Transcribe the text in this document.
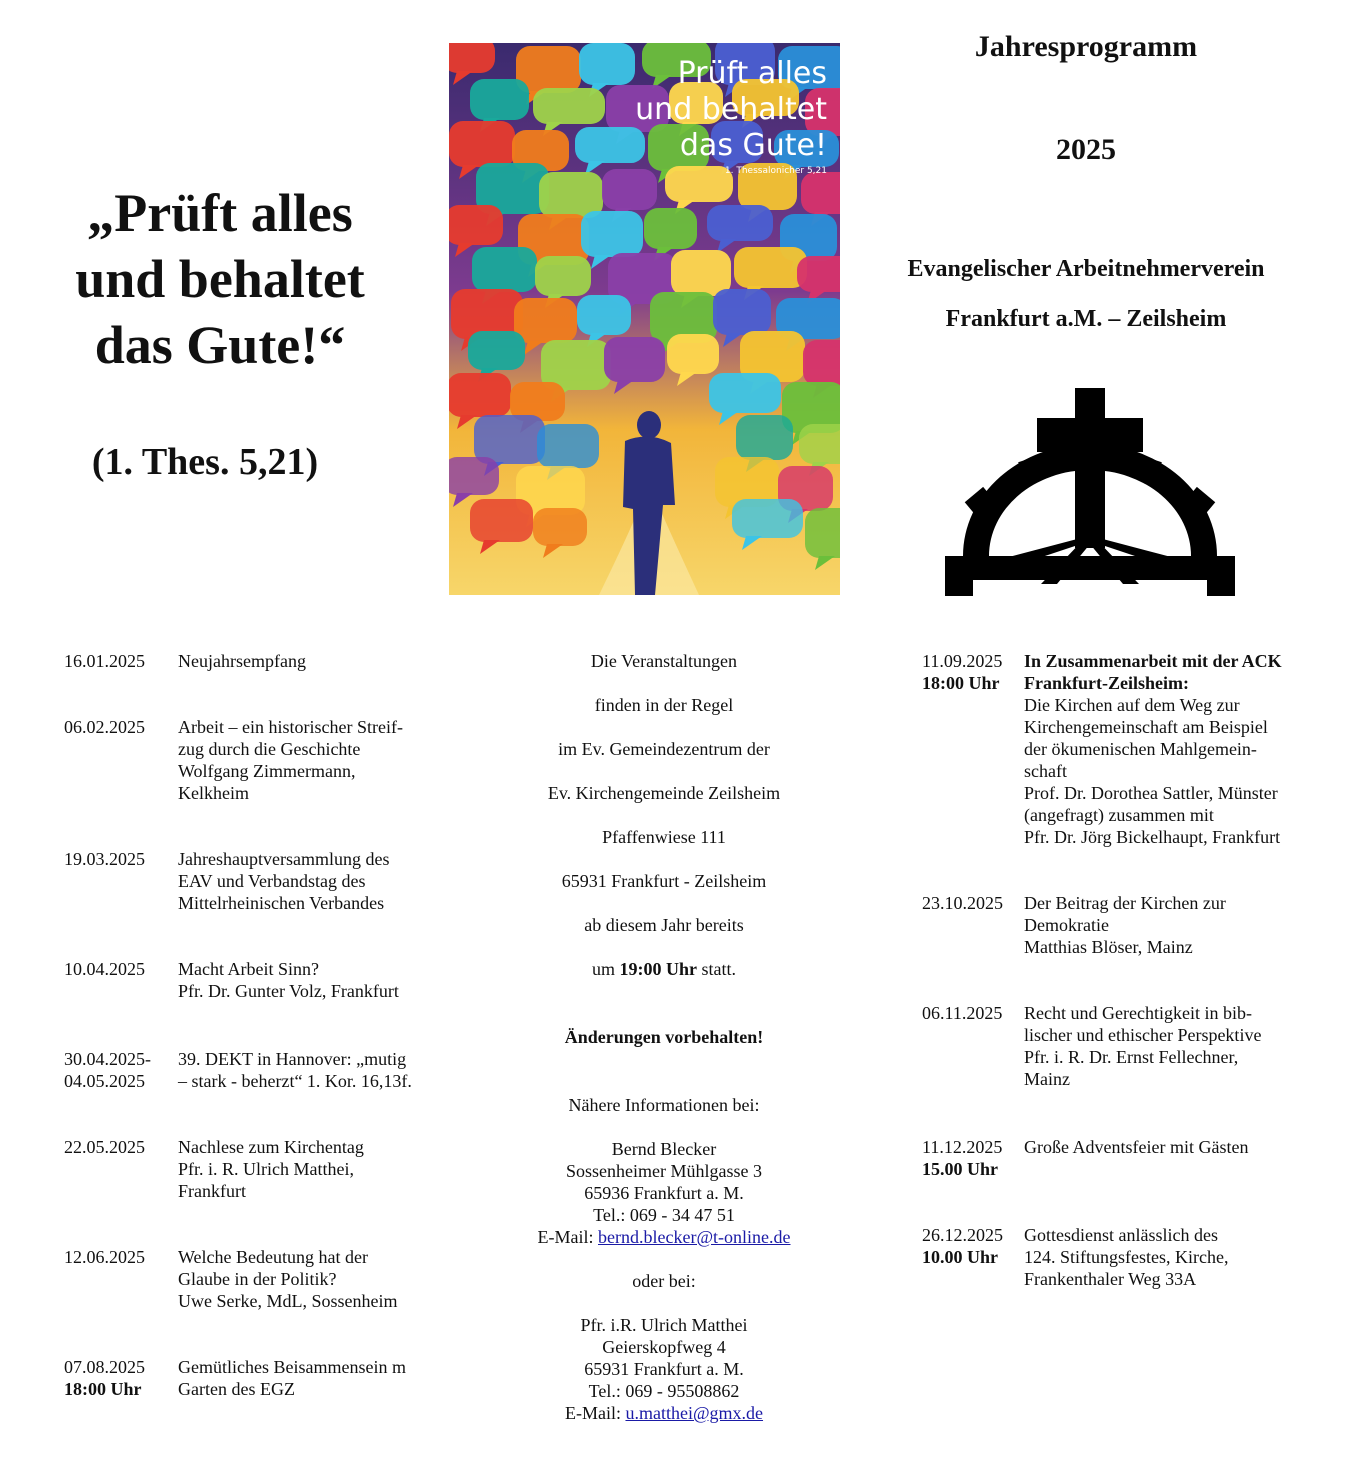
„Prüft alles
und behaltet
das Gute!“
(1. Thes. 5,21)
Prüft alles
und behaltet
das Gute!
1. Thessalonicher 5,21
Jahresprogramm
2025
Evangelischer Arbeitnehmerverein
Frankfurt a.M. – Zeilsheim
16.01.2025 Neujahrsempfang
06.02.2025 Arbeit – ein historischer Streif-
zug durch die Geschichte
Wolfgang Zimmermann,
Kelkheim
19.03.2025 Jahreshauptversammlung des
EAV und Verbandstag des
Mittelrheinischen Verbandes
10.04.2025 Macht Arbeit Sinn?
Pfr. Dr. Gunter Volz, Frankfurt
30.04.2025-
04.05.2025
39. DEKT in Hannover: „mutig
– stark - beherzt“ 1. Kor. 16,13f.
22.05.2025 Nachlese zum Kirchentag
Pfr. i. R. Ulrich Matthei,
Frankfurt
12.06.2025 Welche Bedeutung hat der
Glaube in der Politik?
Uwe Serke, MdL, Sossenheim
07.08.2025
18:00 Uhr
Gemütliches Beisammensein m
Garten des EGZ
Die Veranstaltungen
finden in der Regel
im Ev. Gemeindezentrum der
Ev. Kirchengemeinde Zeilsheim
Pfaffenwiese 111
65931 Frankfurt - Zeilsheim
ab diesem Jahr bereits
um 19:00 Uhr statt.
Änderungen vorbehalten!
Nähere Informationen bei:
Bernd Blecker
Sossenheimer Mühlgasse 3
65936 Frankfurt a. M.
Tel.: 069 - 34 47 51
E-Mail: bernd.blecker@t-online.de
oder bei:
Pfr. i.R. Ulrich Matthei
Geierskopfweg 4
65931 Frankfurt a. M.
Tel.: 069 - 95508862
E-Mail: u.matthei@gmx.de
11.09.2025
18:00 Uhr
In Zusammenarbeit mit der ACK
Frankfurt-Zeilsheim:
Die Kirchen auf dem Weg zur
Kirchengemeinschaft am Beispiel
der ökumenischen Mahlgemein-
schaft
Prof. Dr. Dorothea Sattler, Münster
(angefragt) zusammen mit
Pfr. Dr. Jörg Bickelhaupt, Frankfurt
23.10.2025 Der Beitrag der Kirchen zur
Demokratie
Matthias Blöser, Mainz
06.11.2025 Recht und Gerechtigkeit in bib-
lischer und ethischer Perspektive
Pfr. i. R. Dr. Ernst Fellechner,
Mainz
11.12.2025
15.00 Uhr
Große Adventsfeier mit Gästen
26.12.2025
10.00 Uhr
Gottesdienst anlässlich des
124. Stiftungsfestes, Kirche,
Frankenthaler Weg 33A
